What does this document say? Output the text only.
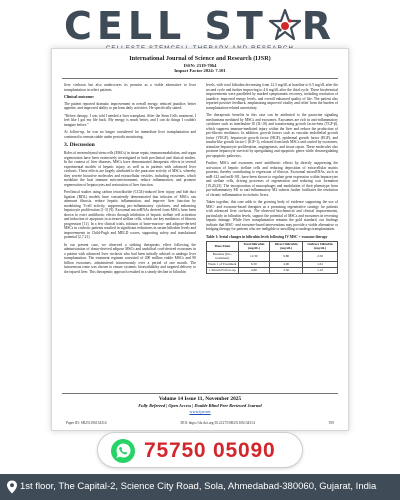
CELL ST R
International Journal of Science and Research (IJSR)
ISSN: 2319-7064
Impact Factor 2024: 7.101

liver cirrhosis but also underscores its promise as a viable alternative to liver transplantation in select patients.

Clinical outcome:

The patient reported dramatic improvement in overall energy, reduced jaundice, better appetite, and improved ability to perform daily activities. He specifically stated:

"Before therapy, I was told I needed a liver transplant. After the Stem Cells treatment, I feel like I got my life back. My energy is much better, and I can do things I couldn't imagine before."

At follow-up, he was no longer considered for immediate liver transplantation and continued to remain stable under periodic monitoring.

3. Discussion

Roles of mesenchymal stem cells (MSCs) in tissue repair, immunomodulation, and organ regeneration have been extensively investigated in both preclinical and clinical studies. In the context of liver diseases, MSCs have demonstrated therapeutic effects in several experimental models of hepatic injury, as well as in patients with advanced liver cirrhosis. These effects are largely attributed to the paracrine activity of MSCs, whereby they secrete bioactive molecules and extracellular vesicles, including exosomes, which modulate the host immune microenvironment, reduce inflammation, and promote regeneration of hepatocytes and restoration of liver function.

Preclinical studies using carbon tetrachloride (CCl4)-induced liver injury and bile duct ligation (BDL) models have consistently demonstrated that infusion of MSCs can attenuate fibrosis, reduce hepatic inflammation, and improve liver function by modulating T-cell activity, suppressing pro-inflammatory cytokines, and enhancing hepatocyte proliferation [1-3] [9]. Exosomal microRNAs derived from MSCs have been shown to exert antifibrotic effects through inhibition of hepatic stellate cell activation and induction of apoptosis in activated stellate cells, which are key mediators of fibrosis progression [11]. In a few clinical trials, infusion of bone-marrow- and adipose-derived MSCs in cirrhotic patients resulted in significant reductions in serum bilirubin levels and improvements in Child-Pugh and MELD scores, supporting safety and translational potential [2,7,21].

In our present case, we observed a striking therapeutic effect following the administration of donor-derived adipose MSCs and umbilical cord-derived exosomes in a patient with advanced liver cirrhosis who had been initially advised to undergo liver transplantation. The treatment regimen consisted of 200 million viable MSCs and 90 billion exosomes, administered intravenously over a period of one month. The intravenous route was chosen to ensure systemic bioavailability and targeted delivery to the injured liver. This therapeutic approach resulted in a steady decline in bilirubin

levels, with total bilirubin decreasing from 12.3 mg/dL at baseline to 6.5 mg/dL after the second cycle and further improving to 4.6 mg/dL after the third cycle. These biochemical improvements were paralleled by marked symptomatic recovery, including resolution of jaundice, improved energy levels, and overall enhanced quality of life. The patient also reported positive feedback, emphasizing improved vitality and relief from the burden of transplantation-related uncertainty.

The therapeutic benefits in this case can be attributed to the paracrine signaling mechanisms mediated by MSCs and exosomes. Exosomes are rich in anti-inflammatory cytokines such as interleukin-10 (IL-10) and transforming growth factor-beta (TGF-β), which suppress immune-mediated injury within the liver and reduce the production of pro-fibrotic mediators. In addition, growth factors such as vascular endothelial growth factor (VEGF), hepatocyte growth factor (HGF), epidermal growth factor (EGF), and insulin-like growth factor-1 (IGF-1), released from both MSCs and carried by exosomes, stimulate hepatocyte proliferation, angiogenesis, and tissue repair. These molecules also promote hepatocyte survival by upregulating anti-apoptotic genes while downregulating pro-apoptotic pathways.

Further, MSCs and exosomes exert antifibrotic effects by directly suppressing the activation of hepatic stellate cells and reducing deposition of extracellular matrix proteins, thereby contributing to regression of fibrosis. Exosomal microRNAs, such as miR-122 and miR-181, have been shown to regulate gene expression within hepatocytes and stellate cells, driving processes of regeneration and reducing scar formation [19,20,23]. The incorporation of macrophages and modulation of their phenotype from pro-inflammatory M1 to anti-inflammatory M2 subsets further facilitates the resolution of chronic inflammation in cirrhotic livers.

Taken together, this case adds to the growing body of evidence supporting the use of MSC- and exosome-based therapies as a promising regenerative strategy for patients with advanced liver cirrhosis. The observed biochemical and clinical improvements, particularly in bilirubin levels, support the potential of MSCs and exosomes in reversing hepatic damage. While liver transplantation remains the gold standard, our findings indicate that MSC- and exosome-based interventions may provide a viable alternative or bridging therapy for patients who are ineligible or unwilling to undergo transplantation.

Table 1: Serial changes in bilirubin levels following IV MSC + exosome therapy
Time Point	Total bilirubin (mg/dL)	Direct bilirubin (mg/dL)	Indirect bilirubin (mg/dL)
Baseline (Pre-treatment)	12.30	9.80	2.50
Week 1 of Treatment	6.50	4.90	1.61
1 Month Follow-up	4.60	3.50	1.10
Volume 14 Issue 11, November 2025
Fully Refereed | Open Access | Double Blind Peer Reviewed Journal
www.ijsr.net
Paper ID: SR251106134314	DOI: https://dx.doi.org/10.21275/SR251106134314	559
75750 05090
1st floor, The Capital-2, Science City Road, Sola, Ahmedabad-380060, Gujarat, India
